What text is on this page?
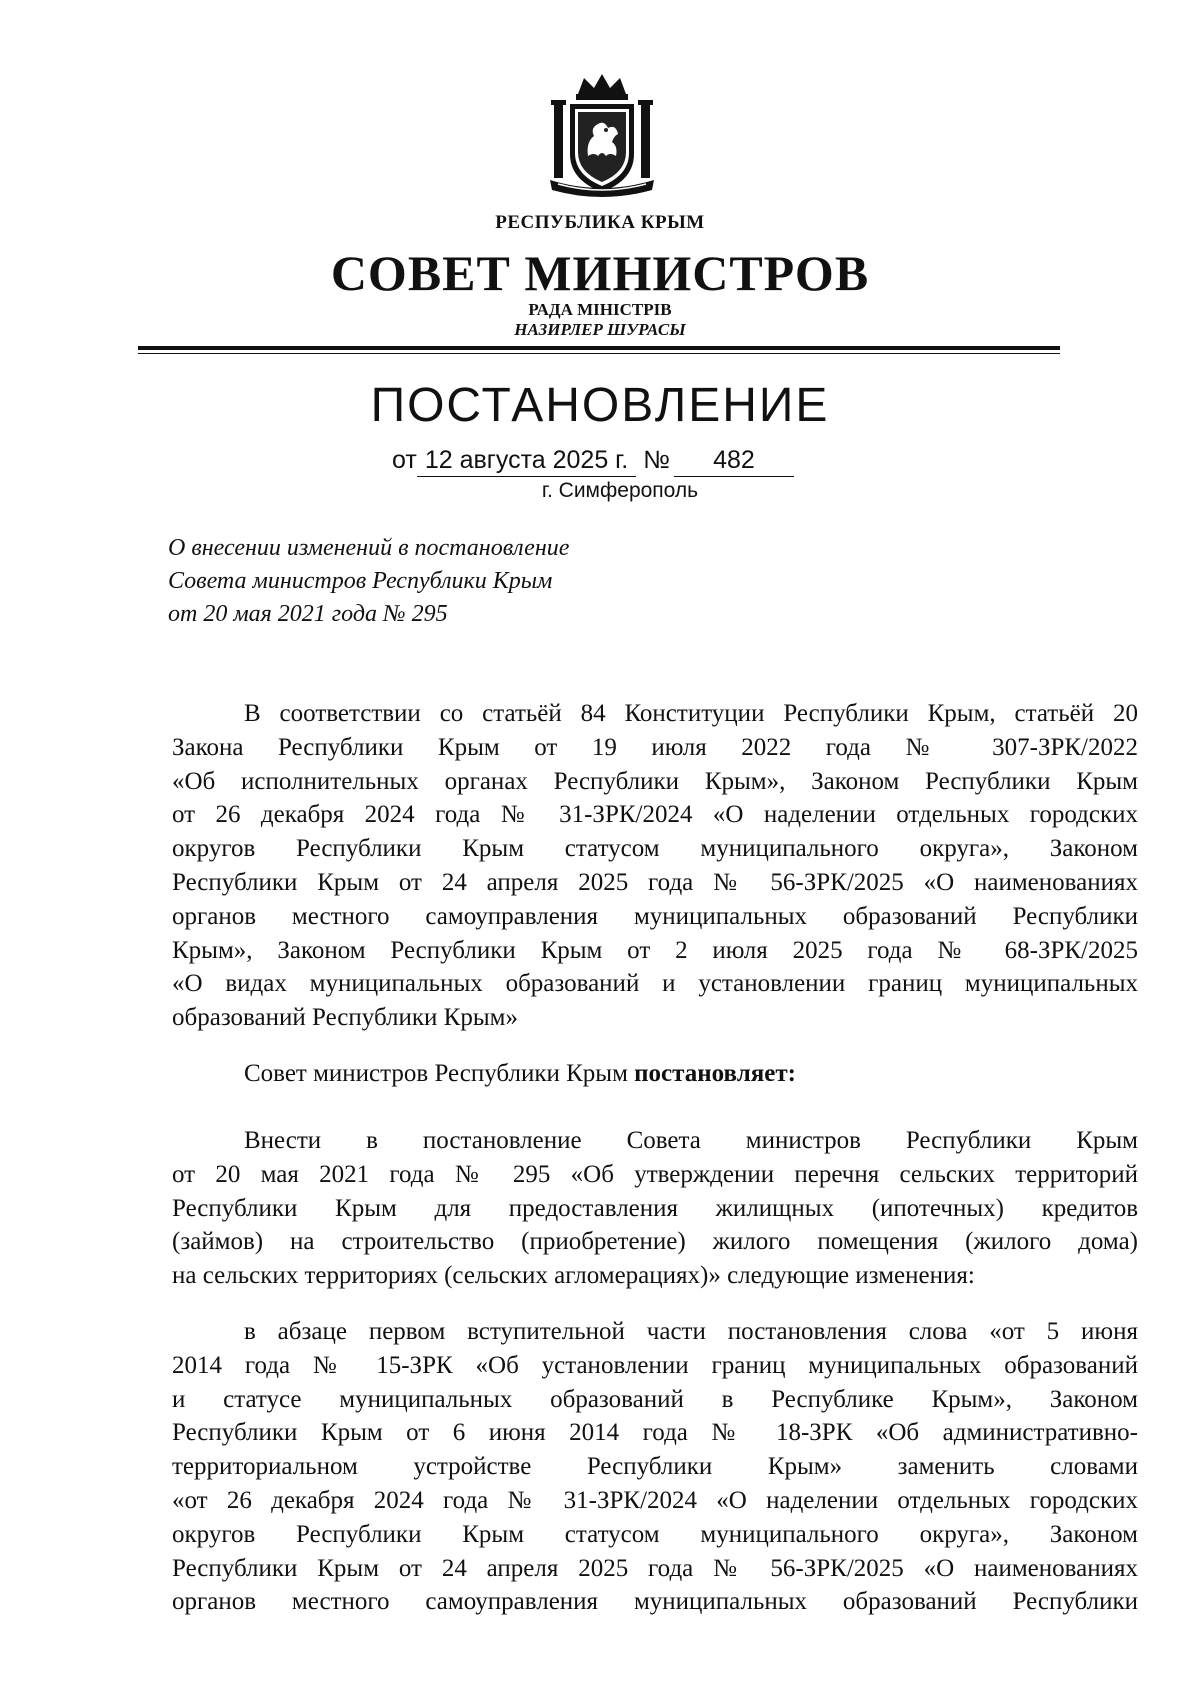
РЕСПУБЛИКА КРЫМ
СОВЕТ МИНИСТРОВ
РАДА МІНІСТРІВ
НАЗИРЛЕР ШУРАСЫ
ПОСТАНОВЛЕНИЕ
от 12 августа 2025 г. № 482
г. Симферополь
О внесении изменений в постановление
Совета министров Республики Крым
от 20 мая 2021 года № 295
В соответствии со статьёй 84 Конституции Республики Крым, статьёй 20
Закона Республики Крым от 19 июля 2022 года № 307-ЗРК/2022
«Об исполнительных органах Республики Крым», Законом Республики Крым
от 26 декабря 2024 года № 31-ЗРК/2024 «О наделении отдельных городских
округов Республики Крым статусом муниципального округа», Законом
Республики Крым от 24 апреля 2025 года № 56-ЗРК/2025 «О наименованиях
органов местного самоуправления муниципальных образований Республики
Крым», Законом Республики Крым от 2 июля 2025 года № 68-ЗРК/2025
«О видах муниципальных образований и установлении границ муниципальных
образований Республики Крым»
Совет министров Республики Крым постановляет:
Внести в постановление Совета министров Республики Крым
от 20 мая 2021 года № 295 «Об утверждении перечня сельских территорий
Республики Крым для предоставления жилищных (ипотечных) кредитов
(займов) на строительство (приобретение) жилого помещения (жилого дома)
на сельских территориях (сельских агломерациях)» следующие изменения:
в абзаце первом вступительной части постановления слова «от 5 июня
2014 года № 15-ЗРК «Об установлении границ муниципальных образований
и статусе муниципальных образований в Республике Крым», Законом
Республики Крым от 6 июня 2014 года № 18-ЗРК «Об административно-
территориальном устройстве Республики Крым» заменить словами
«от 26 декабря 2024 года № 31-ЗРК/2024 «О наделении отдельных городских
округов Республики Крым статусом муниципального округа», Законом
Республики Крым от 24 апреля 2025 года № 56-ЗРК/2025 «О наименованиях
органов местного самоуправления муниципальных образований Республики
